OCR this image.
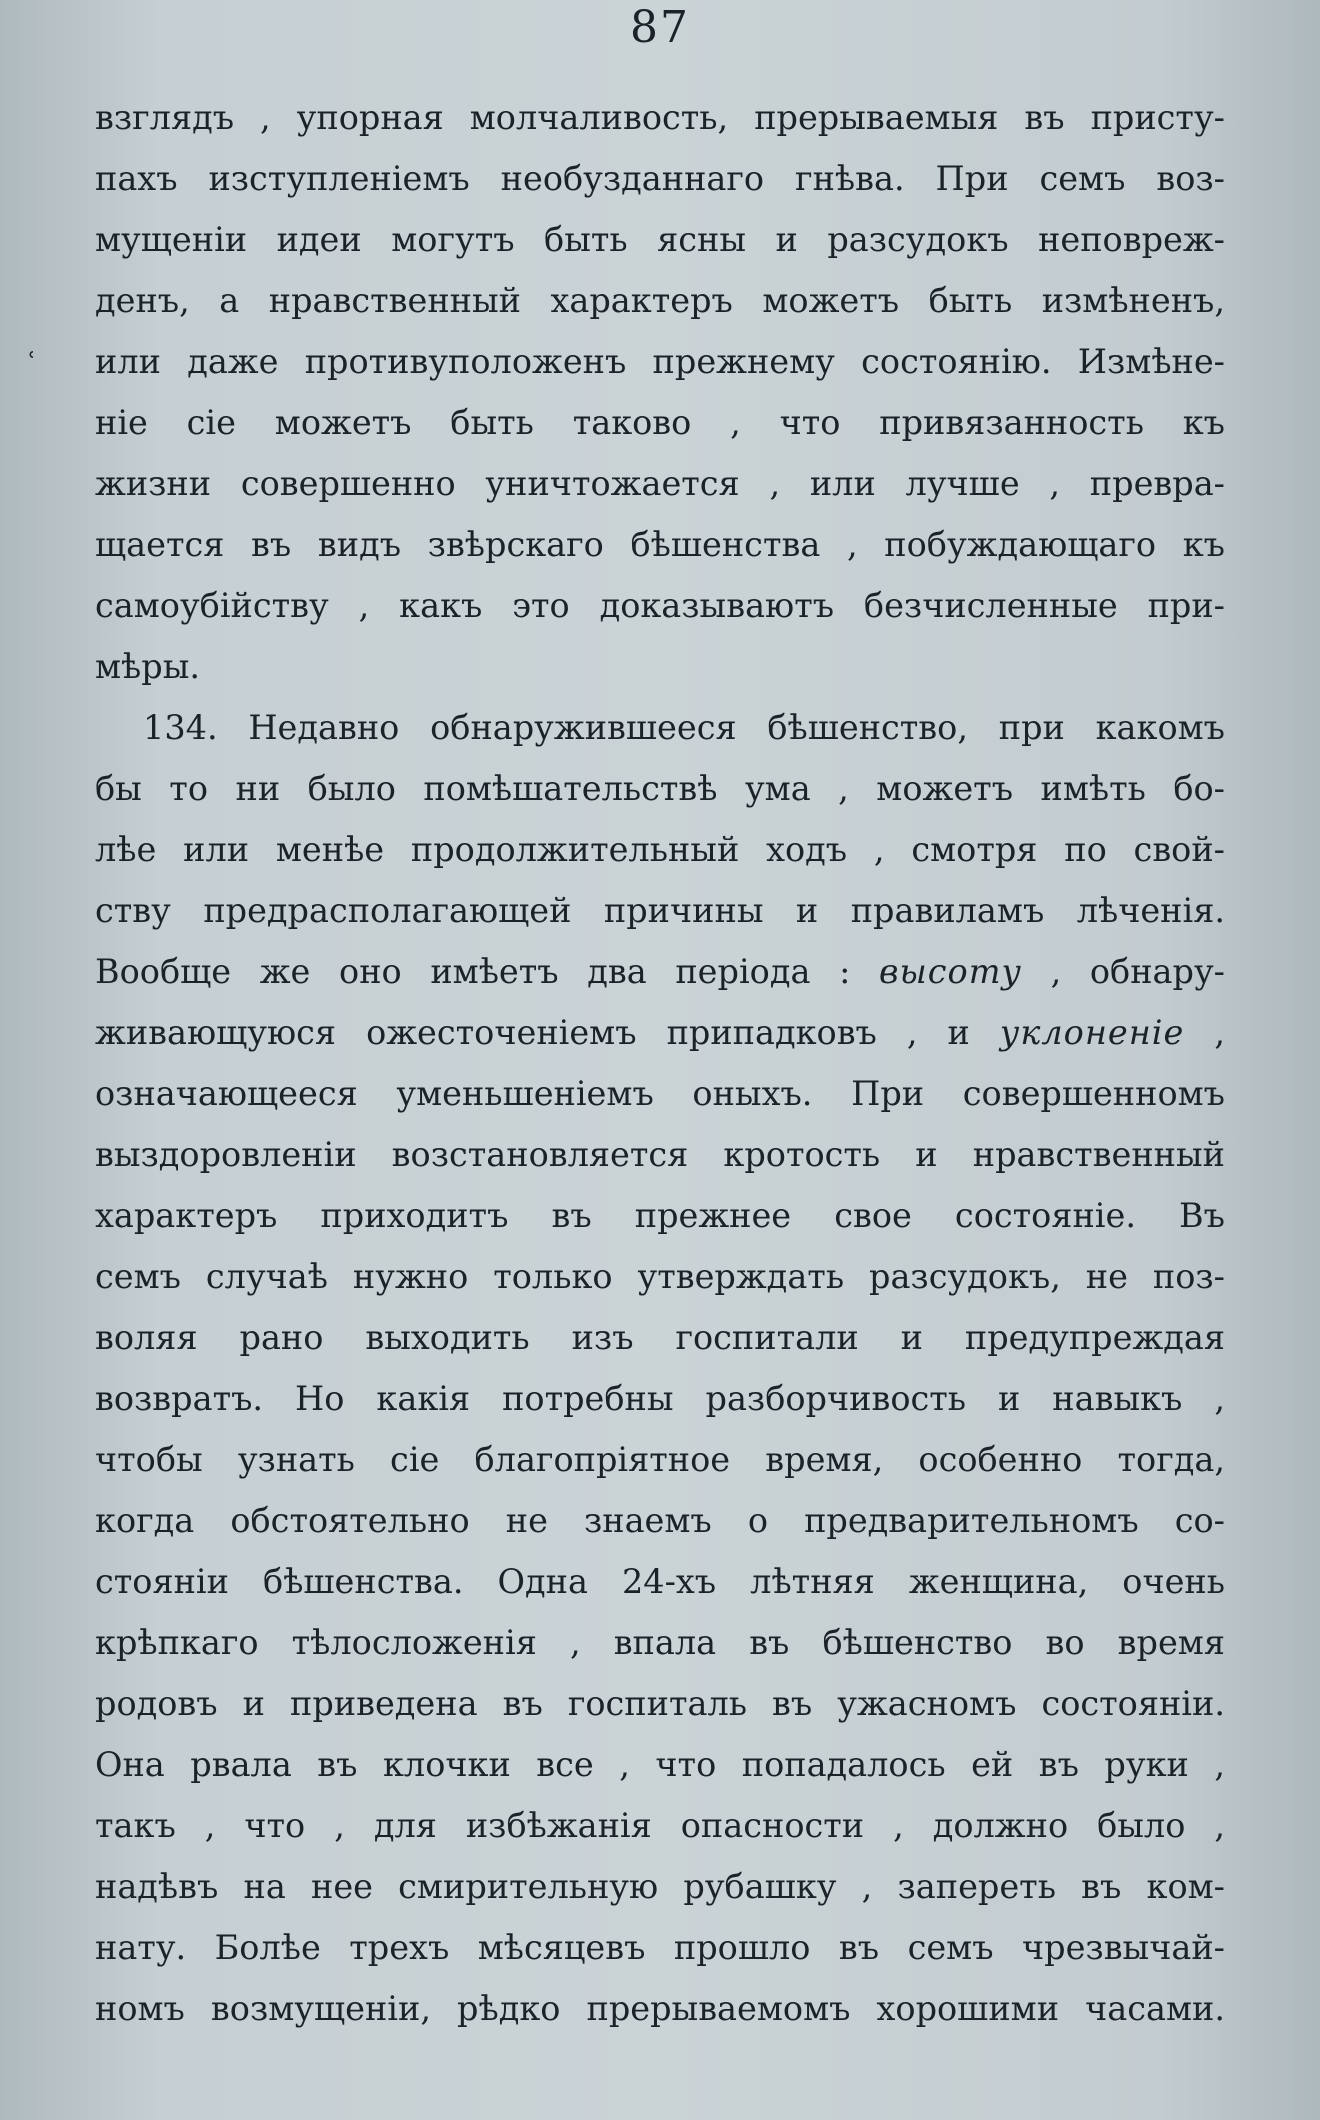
87
ʿ
взглядъ , упорная молчаливость, прерываемыя въ присту-
пахъ изступленіемъ необузданнаго гнѣва. При семъ воз-
мущеніи идеи могутъ быть ясны и разсудокъ неповреж-
денъ, а нравственный характеръ можетъ быть измѣненъ,
или даже противуположенъ прежнему состоянію. Измѣне-
ніе сіе можетъ быть таково , что привязанность къ
жизни совершенно уничтожается , или лучше , превра-
щается въ видъ звѣрскаго бѣшенства , побуждающаго къ
самоубійству , какъ это доказываютъ безчисленные при-
мѣры.
134. Недавно обнаружившееся бѣшенство, при какомъ
бы то ни было помѣшательствѣ ума , можетъ имѣть бо-
лѣе или менѣе продолжительный ходъ , смотря по свой-
ству предрасполагающей причины и правиламъ лѣченія.
Вообще же оно имѣетъ два періода : высоту , обнару-
живающуюся ожесточеніемъ припадковъ , и уклоненіе ,
означающееся уменьшеніемъ оныхъ. При совершенномъ
выздоровленіи возстановляется кротость и нравственный
характеръ приходитъ въ прежнее свое состояніе. Въ
семъ случаѣ нужно только утверждать разсудокъ, не поз-
воляя рано выходить изъ госпитали и предупреждая
возвратъ. Но какія потребны разборчивость и навыкъ ,
чтобы узнать сіе благопріятное время, особенно тогда,
когда обстоятельно не знаемъ о предварительномъ со-
стояніи бѣшенства. Одна 24-хъ лѣтняя женщина, очень
крѣпкаго тѣлосложенія , впала въ бѣшенство во время
родовъ и приведена въ госпиталь въ ужасномъ состояніи.
Она рвала въ клочки все , что попадалось ей въ руки ,
такъ , что , для избѣжанія опасности , должно было ,
надѣвъ на нее смирительную рубашку , запереть въ ком-
нату. Болѣе трехъ мѣсяцевъ прошло въ семъ чрезвычай-
номъ возмущеніи, рѣдко прерываемомъ хорошими часами.
